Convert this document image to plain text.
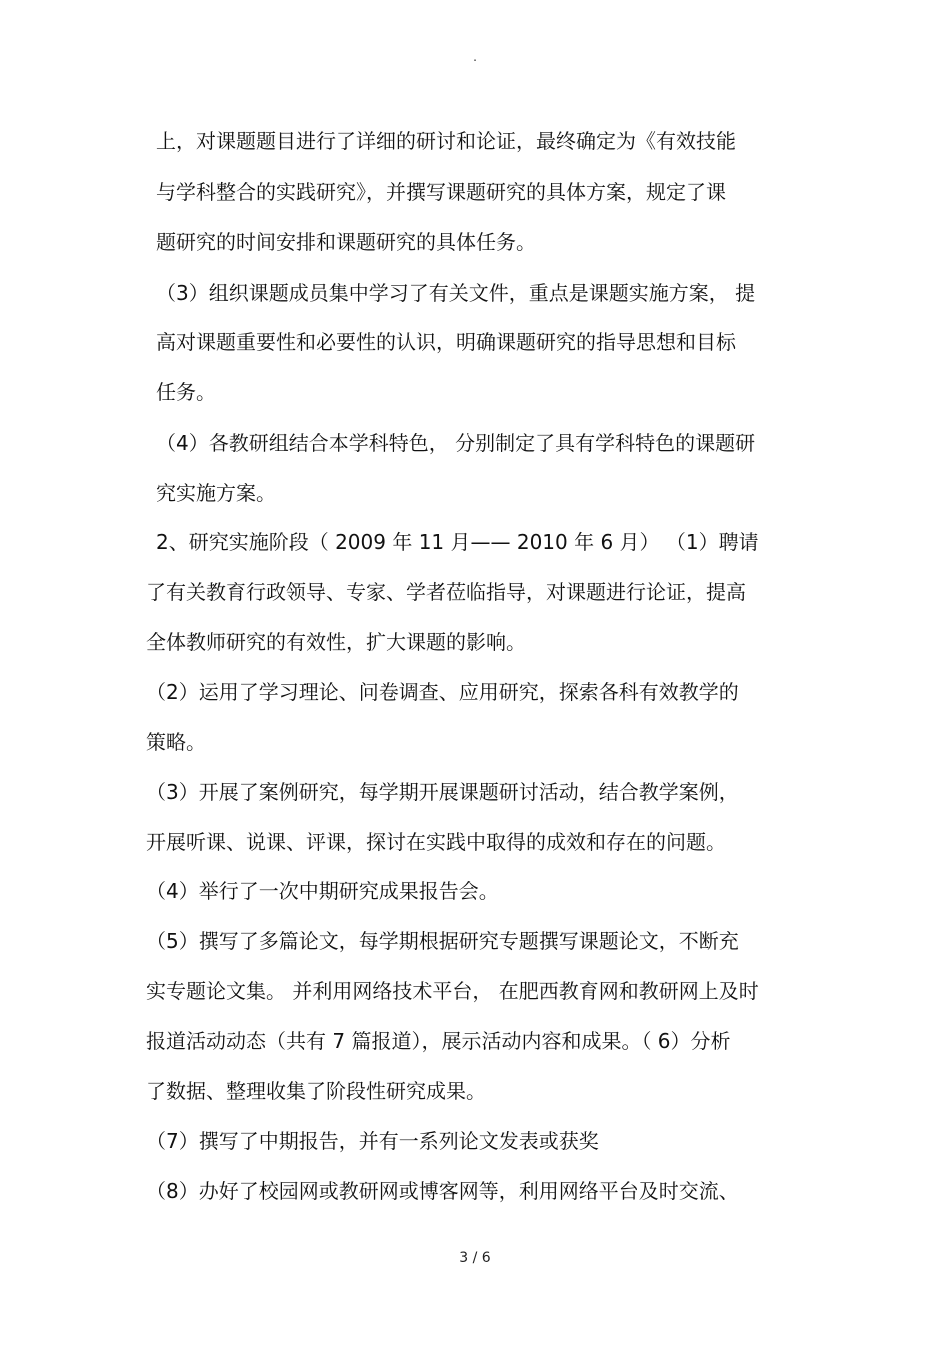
.
上，对课题题目进行了详细的研讨和论证，最终确定为《有效技能
与学科整合的实践研究》，并撰写课题研究的具体方案，规定了课
题研究的时间安排和课题研究的具体任务。
（3）组织课题成员集中学习了有关文件，重点是课题实施方案， 提
高对课题重要性和必要性的认识，明确课题研究的指导思想和目标
任务。
（4）各教研组结合本学科特色， 分别制定了具有学科特色的课题研
究实施方案。
2、研究实施阶段（ 2009 年 11 月—— 2010 年 6 月） （1）聘请
了有关教育行政领导、专家、学者莅临指导，对课题进行论证，提高
全体教师研究的有效性，扩大课题的影响。
（2）运用了学习理论、问卷调查、应用研究，探索各科有效教学的
策略。
（3）开展了案例研究，每学期开展课题研讨活动，结合教学案例，
开展听课、说课、评课，探讨在实践中取得的成效和存在的问题。
（4）举行了一次中期研究成果报告会。
（5）撰写了多篇论文，每学期根据研究专题撰写课题论文，不断充
实专题论文集。 并利用网络技术平台， 在肥西教育网和教研网上及时
报道活动动态（共有 7 篇报道），展示活动内容和成果。（ 6）分析
了数据、整理收集了阶段性研究成果。
（7）撰写了中期报告，并有一系列论文发表或获奖
（8）办好了校园网或教研网或博客网等，利用网络平台及时交流、
3 / 6
